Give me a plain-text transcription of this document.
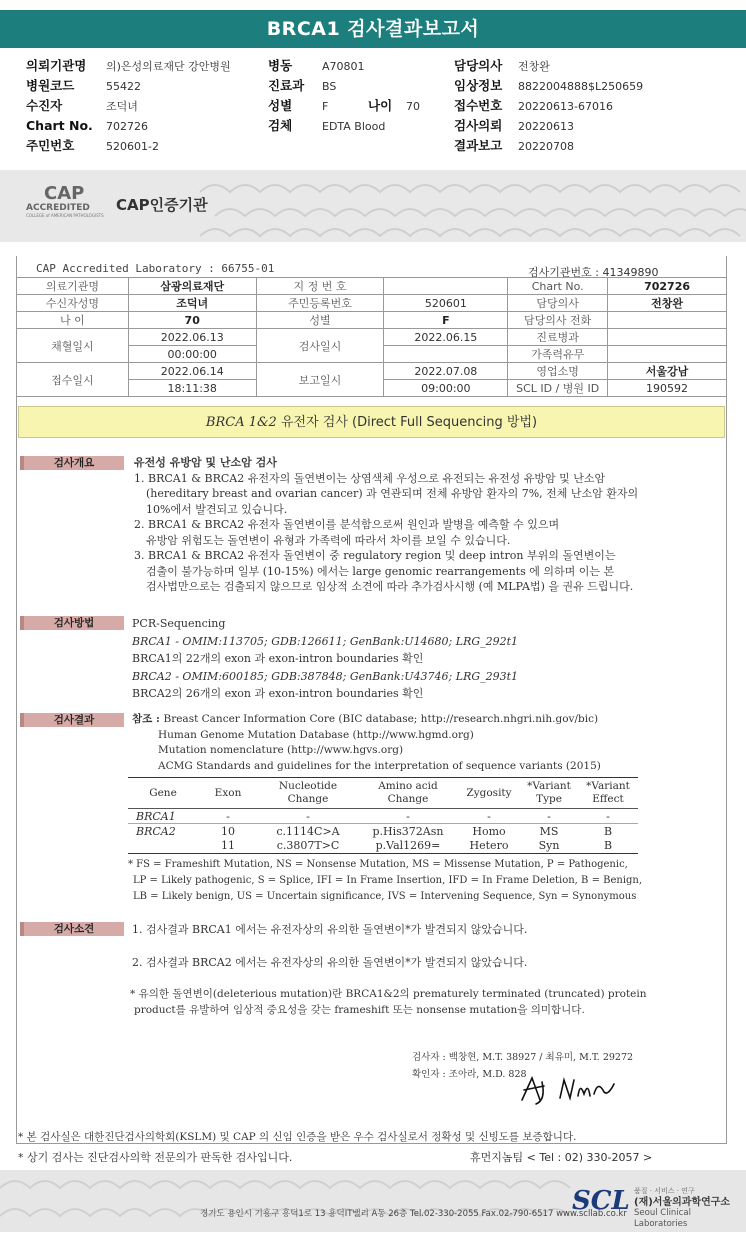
BRCA1 검사결과보고서
의뢰기관명 의)은성의료재단 강안병원
병원코드	55422
수진자	조덕녀
Chart No. 702726
주민번호	520601-2
병동	A70801
진료과 BS
성별	F	나이 70
검체	EDTA Blood
담당의사 전창완
임상정보 8822004888$L250659
접수번호 20220613-67016
검사의뢰 20220613
결과보고 20220708
CAP
ACCREDITED
COLLEGE of AMERICAN PATHOLOGISTS
CAP인증기관
CAP Accredited Laboratory : 66755-01	검사기관번호 : 41349890
의료기관명	삼광의료재단	지 정 번 호		Chart No.	702726
수신자성명	조덕녀	주민등록번호	520601	담당의사	전창완
나 이	70	성별	F	담당의사 전화	
채혈일시	2022.06.13	검사일시	2022.06.15	진료병과	
	00:00:00			가족력유무	
접수일시	2022.06.14	보고일시	2022.07.08	영업소명	서울강남
	18:11:38		09:00:00	SCL ID / 병원 ID	190592
BRCA 1&2 유전자 검사 (Direct Full Sequencing 방법)
검사개요	유전성 유방암 및 난소암 검사
1. BRCA1 & BRCA2 유전자의 돌연변이는 상염색체 우성으로 유전되는 유전성 유방암 및 난소암
(hereditary breast and ovarian cancer) 과 연관되며 전체 유방암 환자의 7%, 전체 난소암 환자의
10%에서 발견되고 있습니다.
2. BRCA1 & BRCA2 유전자 돌연변이를 분석함으로써 원인과 발병을 예측할 수 있으며
유방암 위험도는 돌연변이 유형과 가족력에 따라서 차이를 보일 수 있습니다.
3. BRCA1 & BRCA2 유전자 돌연변이 중 regulatory region 및 deep intron 부위의 돌연변이는
검출이 불가능하며 일부 (10-15%) 에서는 large genomic rearrangements 에 의하며 이는 본
검사법만으로는 검출되지 않으므로 임상적 소견에 따라 추가검사시행 (예 MLPA법) 을 권유 드립니다.
검사방법	PCR-Sequencing
BRCA1 - OMIM:113705; GDB:126611; GenBank:U14680; LRG_292t1
BRCA1의 22개의 exon 과 exon-intron boundaries 확인
BRCA2 - OMIM:600185; GDB:387848; GenBank:U43746; LRG_293t1
BRCA2의 26개의 exon 과 exon-intron boundaries 확인
검사결과	참조 : Breast Cancer Information Core (BIC database; http://research.nhgri.nih.gov/bic)
Human Genome Mutation Database (http://www.hgmd.org)
Mutation nomenclature (http://www.hgvs.org)
ACMG Standards and guidelines for the interpretation of sequence variants (2015)
Gene	Exon	Nucleotide Change	Amino acid Change	Zygosity	*Variant Type	*Variant Effect
BRCA1	-	-	-	-	-	-
BRCA2	10	c.1114C>A	p.His372Asn	Homo	MS	B
	11	c.3807T>C	p.Val1269=	Hetero	Syn	B
* FS = Frameshift Mutation, NS = Nonsense Mutation, MS = Missense Mutation, P = Pathogenic,
LP = Likely pathogenic, S = Splice, IFI = In Frame Insertion, IFD = In Frame Deletion, B = Benign,
LB = Likely benign, US = Uncertain significance, IVS = Intervening Sequence, Syn = Synonymous
검사소견	1. 검사결과 BRCA1 에서는 유전자상의 유의한 돌연변이*가 발견되지 않았습니다.
2. 검사결과 BRCA2 에서는 유전자상의 유의한 돌연변이*가 발견되지 않았습니다.
* 유의한 돌연변이(deleterious mutation)란 BRCA1&2의 prematurely terminated (truncated) protein
product를 유발하여 임상적 중요성을 갖는 frameshift 또는 nonsense mutation을 의미합니다.
검사자 : 백창현, M.T. 38927 / 최유미, M.T. 29272
확인자 : 조아라, M.D. 828
* 본 검사실은 대한진단검사의학회(KSLM) 및 CAP 의 신임 인증을 받은 우수 검사실로서 정확성 및 신빙도를 보증합니다.
* 상기 검사는 진단검사의학 전문의가 판독한 검사입니다.	휴먼지놈팀 < Tel : 02) 330-2057 >
경기도 용인시 기흥구 흥덕1로 13 흥덕IT밸리 A동 26층 Tel.02-330-2055 Fax.02-790-6517 www.scllab.co.kr
SCL 품질 · 서비스 · 연구
(재)서울의과학연구소
Seoul Clinical Laboratories
